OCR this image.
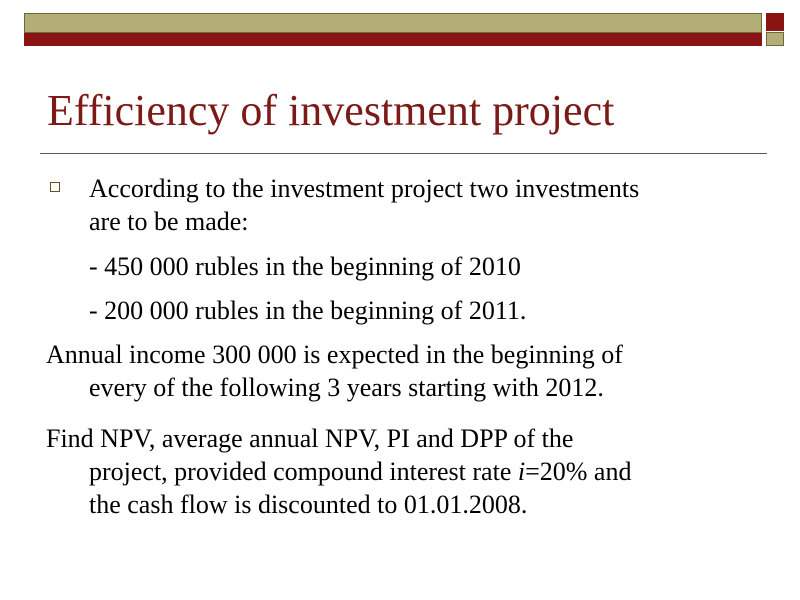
Efficiency of investment project

According to the investment project two investments
are to be made:

- 450 000 rubles in the beginning of 2010

- 200 000 rubles in the beginning of 2011.

Annual income 300 000 is expected in the beginning of
every of the following 3 years starting with 2012.

Find NPV, average annual NPV, PI and DPP of the
project, provided compound interest rate i=20% and
the cash flow is discounted to 01.01.2008.
